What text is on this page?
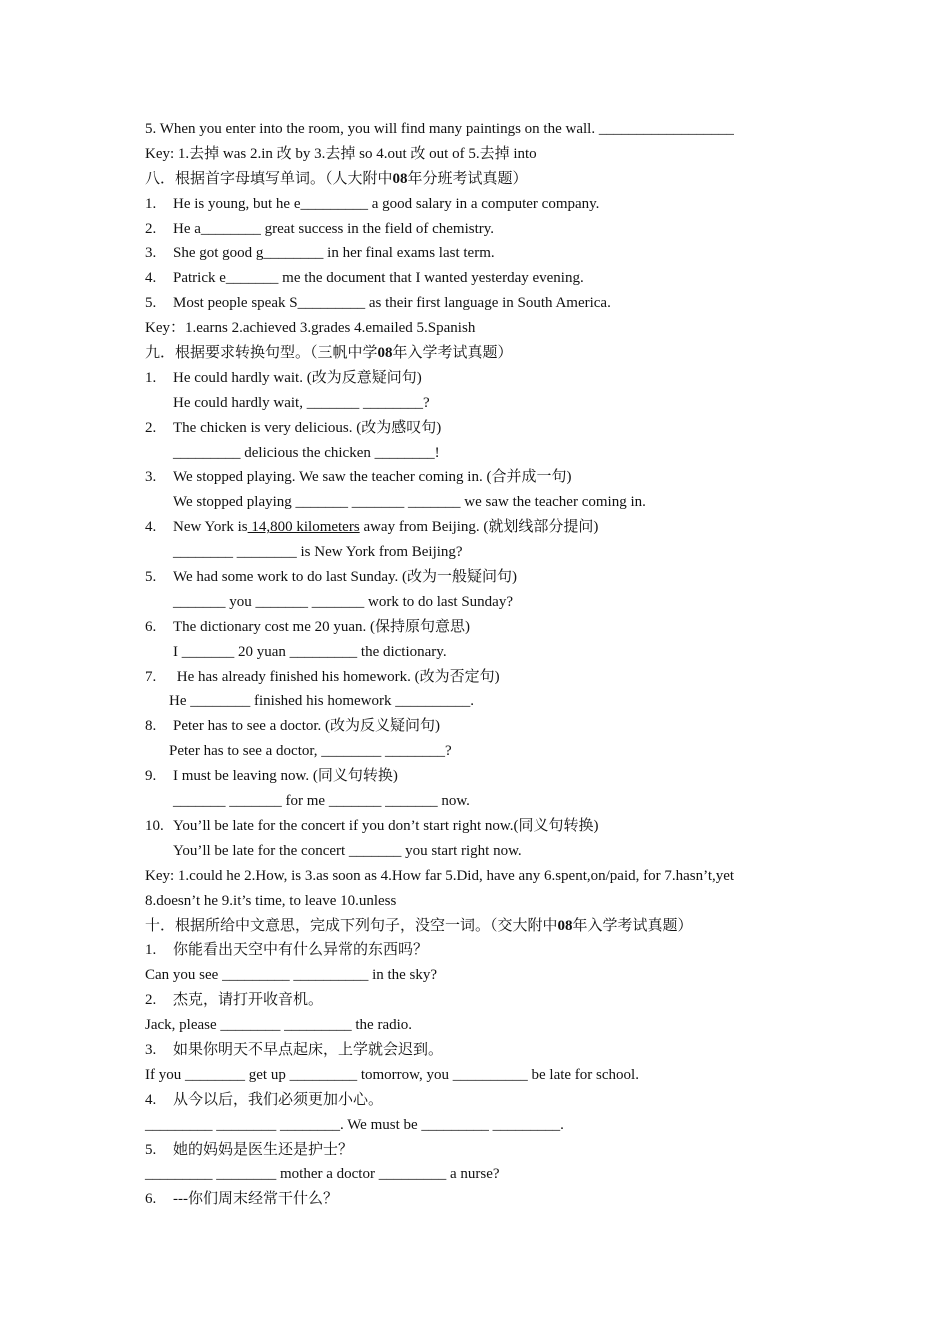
5. When you enter into the room, you will find many paintings on the wall. __________________
Key: 1.去掉 was 2.in 改 by 3.去掉 so 4.out 改 out of 5.去掉 into
八．根据首字母填写单词。（人大附中08年分班考试真题）
1. He is young, but he e_________ a good salary in a computer company.
2. He a________ great success in the field of chemistry.
3. She got good g________ in her final exams last term.
4. Patrick e_______ me the document that I wanted yesterday evening.
5. Most people speak S_________ as their first language in South America.
Key：1.earns 2.achieved 3.grades 4.emailed 5.Spanish
九．根据要求转换句型。（三帆中学08年入学考试真题）
1. He could hardly wait. (改为反意疑问句)
He could hardly wait, _______ ________?
2. The chicken is very delicious. (改为感叹句)
_________ delicious the chicken ________!
3. We stopped playing. We saw the teacher coming in. (合并成一句)
We stopped playing _______ _______ _______ we saw the teacher coming in.
4. New York is 14,800 kilometers away from Beijing. (就划线部分提问)
________ ________ is New York from Beijing?
5. We had some work to do last Sunday. (改为一般疑问句)
_______ you _______ _______ work to do last Sunday?
6. The dictionary cost me 20 yuan. (保持原句意思)
I _______ 20 yuan _________ the dictionary.
7. He has already finished his homework. (改为否定句)
He ________ finished his homework __________.
8. Peter has to see a doctor. (改为反义疑问句)
Peter has to see a doctor, ________ ________?
9. I must be leaving now. (同义句转换)
_______ _______ for me _______ _______ now.
10. You’ll be late for the concert if you don’t start right now.(同义句转换)
You’ll be late for the concert _______ you start right now.
Key: 1.could he 2.How, is 3.as soon as 4.How far 5.Did, have any 6.spent,on/paid, for 7.hasn’t,yet
8.doesn’t he 9.it’s time, to leave 10.unless
十．根据所给中文意思，完成下列句子，没空一词。（交大附中08年入学考试真题）
1. 你能看出天空中有什么异常的东西吗？
Can you see _________ __________ in the sky?
2. 杰克，请打开收音机。
Jack, please ________ _________ the radio.
3. 如果你明天不早点起床，上学就会迟到。
If you ________ get up _________ tomorrow, you __________ be late for school.
4. 从今以后，我们必须更加小心。
_________ ________ ________. We must be _________ _________.
5. 她的妈妈是医生还是护士？
_________ ________ mother a doctor _________ a nurse?
6. ---你们周末经常干什么？
